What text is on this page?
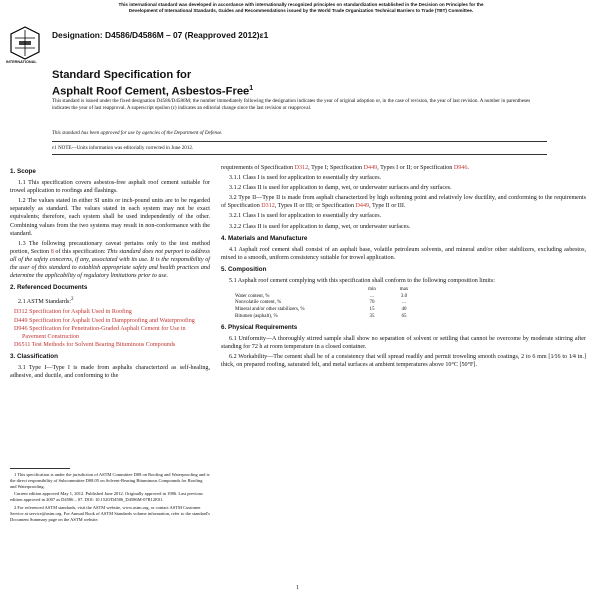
This international standard was developed in accordance with internationally recognized principles on standardization established in the Decision on Principles for the
Development of International Standards, Guides and Recommendations issued by the World Trade Organization Technical Barriers to Trade (TBT) Committee.
INTERNATIONAL
Designation: D4586/D4586M – 07 (Reapproved 2012)ε1
Standard Specification for
Asphalt Roof Cement, Asbestos-Free$^1$
This standard is issued under the fixed designation D4586/D4586M; the number immediately following the designation indicates the year of original adoption or, in the case of revision, the year of last revision. A number in parentheses indicates the year of last reapproval. A superscript epsilon (ε) indicates an editorial change since the last revision or reapproval.
This standard has been approved for use by agencies of the Department of Defense.
ε1 NOTE—Units information was editorially corrected in June 2012.
1. Scope

1.1 This specification covers asbestos-free asphalt roof cement suitable for trowel application to roofings and flashings.

1.2 The values stated in either SI units or inch-pound units are to be regarded separately as standard. The values stated in each system may not be exact equivalents; therefore, each system shall be used independently of the other. Combining values from the two systems may result in non-conformance with the standard.

1.3 The following precautionary caveat pertains only to the test method portion, Section 8 of this specification: This standard does not purport to address all of the safety concerns, if any, associated with its use. It is the responsibility of the user of this standard to establish appropriate safety and health practices and determine the applicability of regulatory limitations prior to use.

2. Referenced Documents

2.1 ASTM Standards:$^2$

D312 Specification for Asphalt Used in Roofing
D449 Specification for Asphalt Used in Dampproofing and Waterproofing
D946 Specification for Penetration-Graded Asphalt Cement for Use in Pavement Construction
D6511 Test Methods for Solvent Bearing Bituminous Compounds
3. Classification

3.1 Type I—Type I is made from asphalts characterized as self-healing, adhesive, and ductile, and conforming to the

1 This specification is under the jurisdiction of ASTM Committee D08 on Roofing and Waterproofing and is the direct responsibility of Subcommittee D08.05 on Solvent-Bearing Bituminous Compounds for Roofing and Waterproofing.

Current edition approved May 1, 2012. Published June 2012. Originally approved in 1986. Last previous edition approved in 2007 as D4586 – 07. DOI: 10.1520/D4586_D4586M-07R12E01.

2 For referenced ASTM standards, visit the ASTM website, www.astm.org, or contact ASTM Customer Service at service@astm.org. For Annual Book of ASTM Standards volume information, refer to the standard's Document Summary page on the ASTM website.

requirements of Specification D312, Type I; Specification D449, Types I or II; or Specification D946.

3.1.1 Class I is used for application to essentially dry surfaces.

3.1.2 Class II is used for application to damp, wet, or underwater surfaces and dry surfaces.

3.2 Type II—Type II is made from asphalt characterized by high softening point and relatively low ductility, and conforming to the requirements of Specification D312, Types II or III; or Specification D449, Type II or III.

3.2.1 Class I is used for application to essentially dry surfaces.

3.2.2 Class II is used for application to damp, wet, or underwater surfaces.

4. Materials and Manufacture

4.1 Asphalt roof cement shall consist of an asphalt base, volatile petroleum solvents, and mineral and/or other stabilizers, excluding asbestos, mixed to a smooth, uniform consistency suitable for trowel application.

5. Composition

5.1 Asphalt roof cement complying with this specification shall conform to the following composition limits:

	min	max
Water content, %	...	3.0
Nonvolatile content, %	70	...
Mineral and/or other stabilizers, %	15	40
Bitumen (asphalt), %	35	65
6. Physical Requirements

6.1 Uniformity—A thoroughly stirred sample shall show no separation of solvent or settling that cannot be overcome by moderate stirring after standing for 72 h at room temperature in a closed container.

6.2 Workability—The cement shall be of a consistency that will spread readily and permit troweling smooth coatings, 2 to 6 mm [1⁄16 to 1⁄4 in.] thick, on prepared roofing, saturated felt, and metal surfaces at ambient temperatures above 10°C [50°F].

1
